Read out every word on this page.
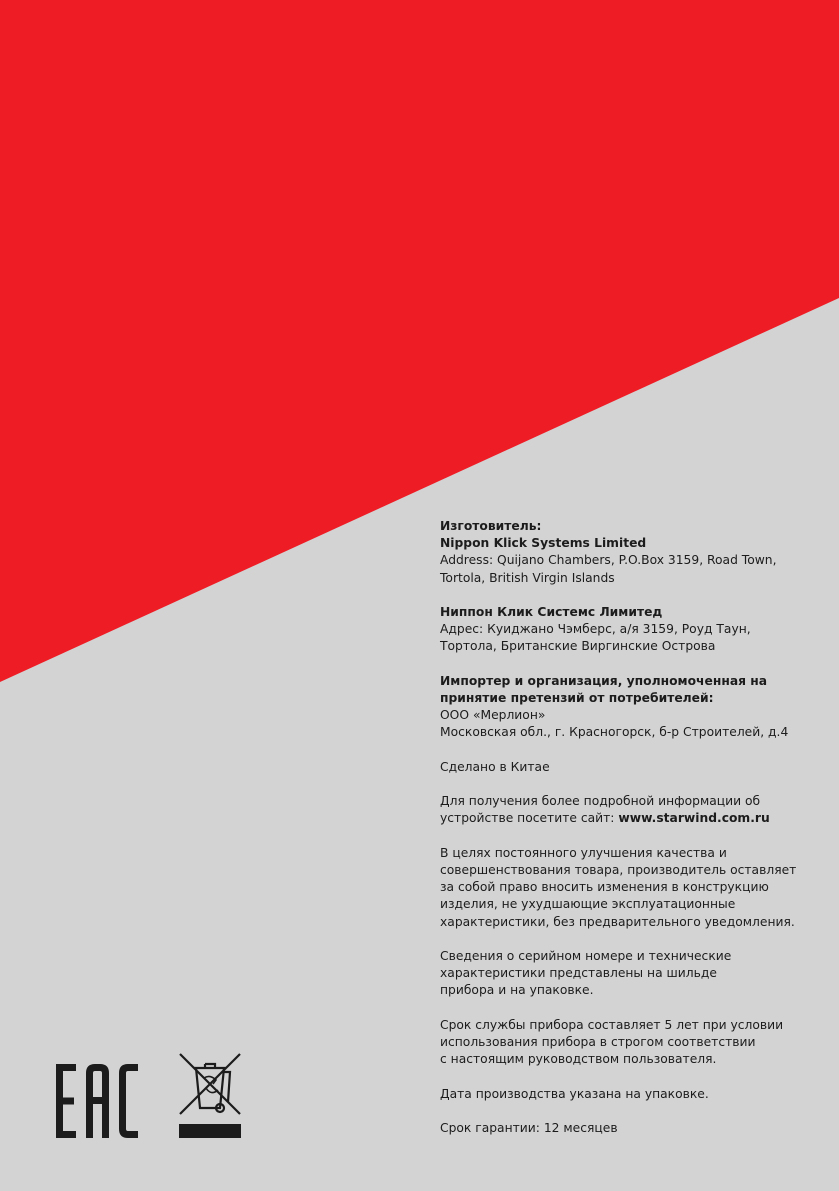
Изготовитель:
Nippon Klick Systems Limited
Address: Quijano Chambers, P.O.Box 3159, Road Town,
Tortola, British Virgin Islands

Ниппон Клик Системс Лимитед
Адрес: Куиджано Чэмберс, а/я 3159, Роуд Таун,
Тортола, Британские Виргинские Острова

Импортер и организация, уполномоченная на
принятие претензий от потребителей:
ООО «Мерлион»
Московская обл., г. Красногорск, б-р Строителей, д.4

Сделано в Китае

Для получения более подробной информации об
устройстве посетите сайт: www.starwind.com.ru

В целях постоянного улучшения качества и
совершенствования товара, производитель оставляет
за собой право вносить изменения в конструкцию
изделия, не ухудшающие эксплуатационные
характеристики, без предварительного уведомления.

Сведения о серийном номере и технические
характеристики представлены на шильде
прибора и на упаковке.

Срок службы прибора составляет 5 лет при условии
использования прибора в строгом соответствии
с настоящим руководством пользователя.

Дата производства указана на упаковке.

Срок гарантии: 12 месяцев
